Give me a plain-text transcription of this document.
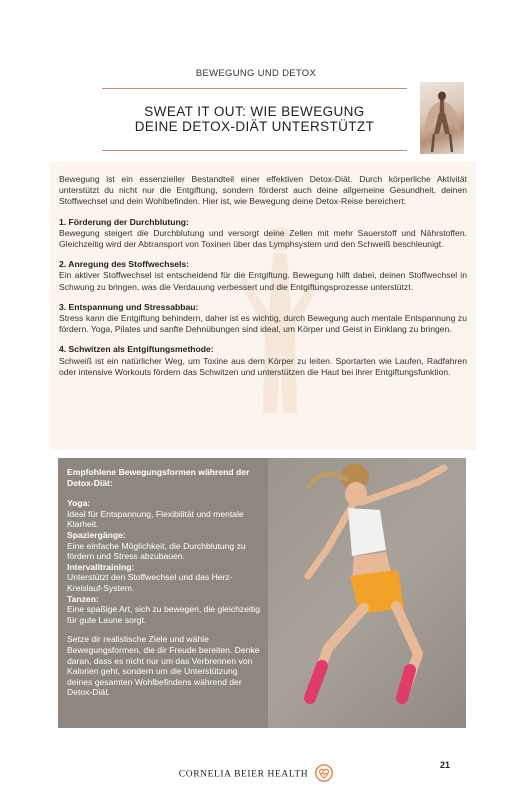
BEWEGUNG UND DETOX
SWEAT IT OUT: WIE BEWEGUNG
DEINE DETOX-DIÄT UNTERSTÜTZT

Bewegung ist ein essenzieller Bestandteil einer effektiven Detox-Diät. Durch körperliche Aktivität unterstützt du nicht nur die Entgiftung, sondern förderst auch deine allgemeine Gesundheit, deinen Stoffwechsel und dein Wohlbefinden. Hier ist, wie Bewegung deine Detox-Reise bereichert:

1. Förderung der Durchblutung:
Bewegung steigert die Durchblutung und versorgt deine Zellen mit mehr Sauerstoff und Nährstoffen. Gleichzeitig wird der Abtransport von Toxinen über das Lymphsystem und den Schweiß beschleunigt.

2. Anregung des Stoffwechsels:
Ein aktiver Stoffwechsel ist entscheidend für die Entgiftung. Bewegung hilft dabei, deinen Stoffwechsel in Schwung zu bringen, was die Verdauung verbessert und die Entgiftungsprozesse unterstützt.

3. Entspannung und Stressabbau:
Stress kann die Entgiftung behindern, daher ist es wichtig, durch Bewegung auch mentale Entspannung zu fördern. Yoga, Pilates und sanfte Dehnübungen sind ideal, um Körper und Geist in Einklang zu bringen.

4. Schwitzen als Entgiftungsmethode:
Schweiß ist ein natürlicher Weg, um Toxine aus dem Körper zu leiten. Sportarten wie Laufen, Radfahren oder intensive Workouts fördern das Schwitzen und unterstützen die Haut bei ihrer Entgiftungsfunktion.

Empfohlene Bewegungsformen während der Detox-Diät:
Yoga:
Ideal für Entspannung, Flexibilität und mentale Klarheit.
Spaziergänge:
Eine einfache Möglichkeit, die Durchblutung zu fördern und Stress abzubauen.
Intervalltraining:
Unterstützt den Stoffwechsel und das Herz-Kreislauf-System.
Tanzen:
Eine spaßige Art, sich zu bewegen, die gleichzeitig für gute Laune sorgt.
Setze dir realistische Ziele und wähle Bewegungsformen, die dir Freude bereiten. Denke daran, dass es nicht nur um das Verbrennen von Kalorien geht, sondern um die Unterstützung deines gesamten Wohlbefindens während der Detox-Diät.
CORNELIA BEIER HEALTH
21
